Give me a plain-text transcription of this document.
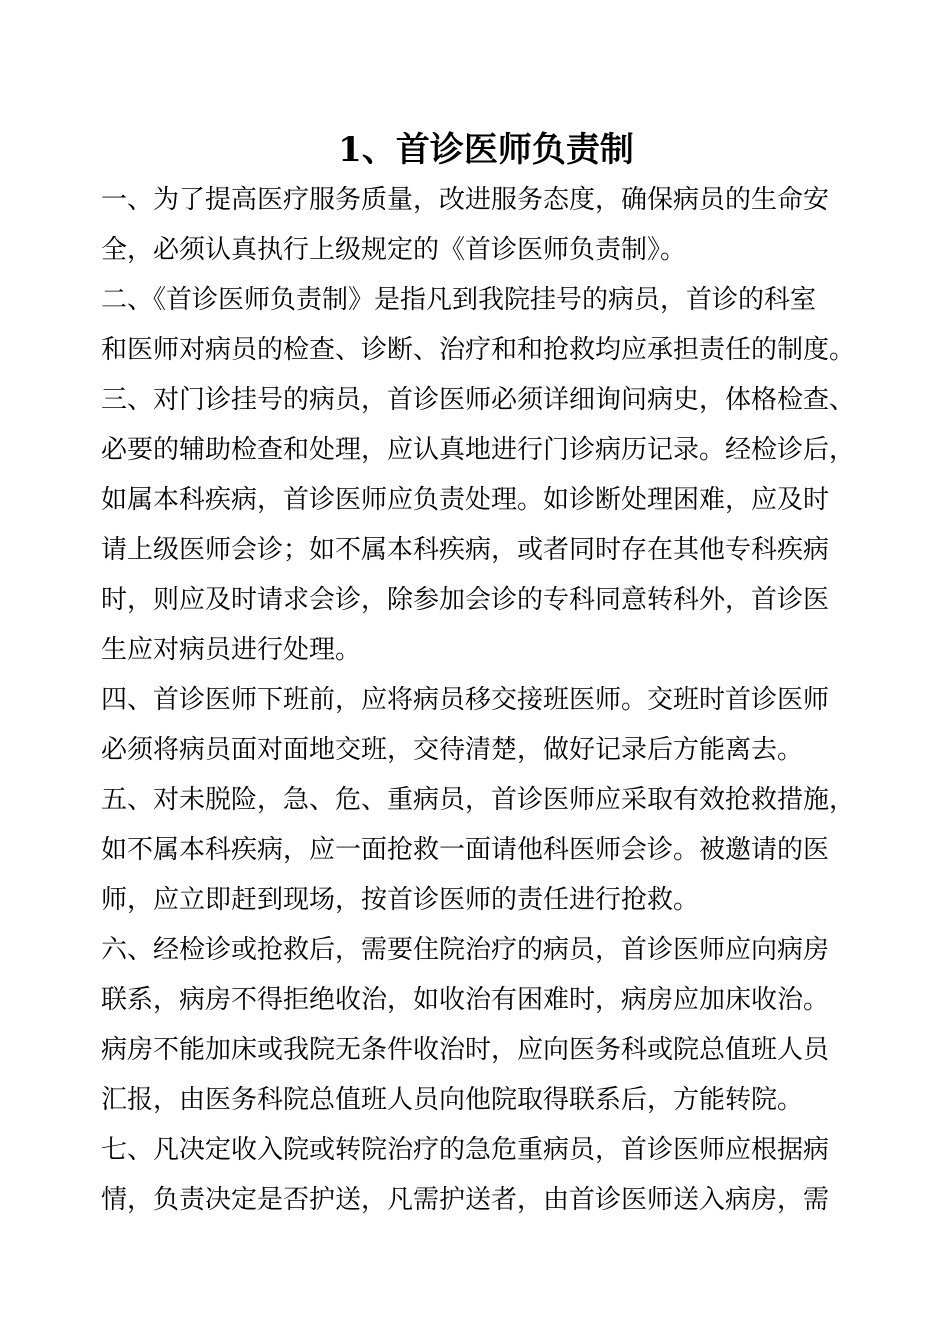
1、首诊医师负责制
一、为了提高医疗服务质量，改进服务态度，确保病员的生命安
全，必须认真执行上级规定的《首诊医师负责制》。
二、《首诊医师负责制》是指凡到我院挂号的病员，首诊的科室
和医师对病员的检查、诊断、治疗和和抢救均应承担责任的制度。
三、对门诊挂号的病员，首诊医师必须详细询问病史，体格检查、
必要的辅助检查和处理，应认真地进行门诊病历记录。经检诊后，
如属本科疾病，首诊医师应负责处理。如诊断处理困难，应及时
请上级医师会诊；如不属本科疾病，或者同时存在其他专科疾病
时，则应及时请求会诊，除参加会诊的专科同意转科外，首诊医
生应对病员进行处理。
四、首诊医师下班前，应将病员移交接班医师。交班时首诊医师
必须将病员面对面地交班，交待清楚，做好记录后方能离去。
五、对未脱险，急、危、重病员，首诊医师应采取有效抢救措施，
如不属本科疾病，应一面抢救一面请他科医师会诊。被邀请的医
师，应立即赶到现场，按首诊医师的责任进行抢救。
六、经检诊或抢救后，需要住院治疗的病员，首诊医师应向病房
联系，病房不得拒绝收治，如收治有困难时，病房应加床收治。
病房不能加床或我院无条件收治时，应向医务科或院总值班人员
汇报，由医务科院总值班人员向他院取得联系后，方能转院。
七、凡决定收入院或转院治疗的急危重病员，首诊医师应根据病
情，负责决定是否护送，凡需护送者，由首诊医师送入病房，需
